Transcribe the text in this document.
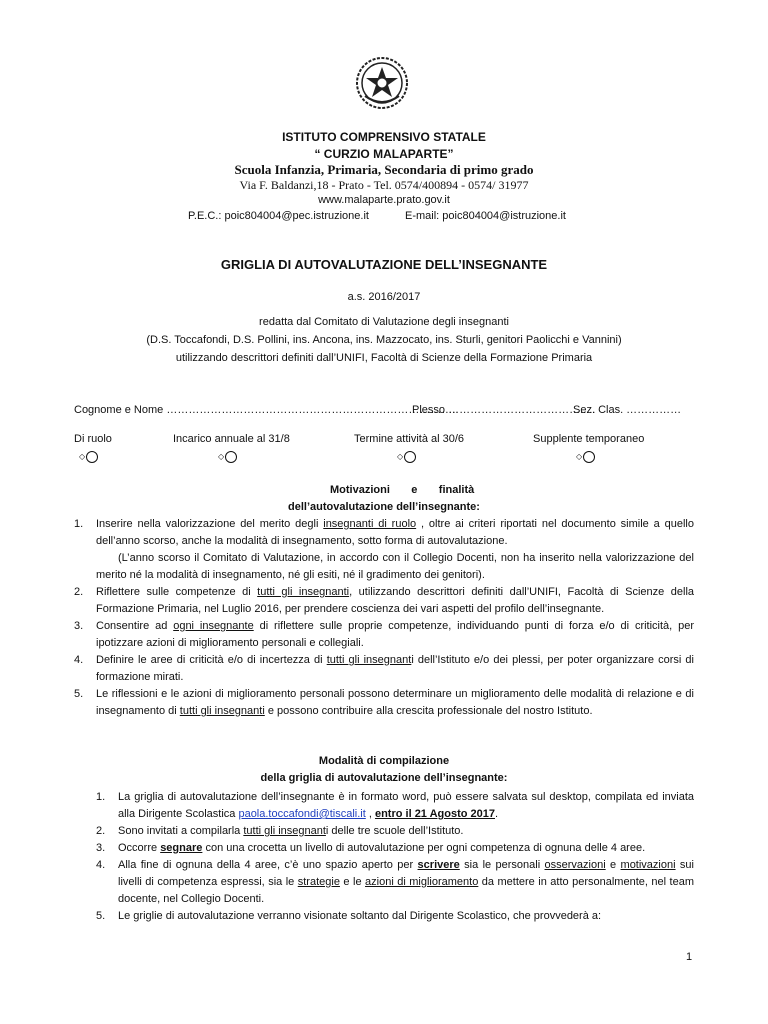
ISTITUTO COMPRENSIVO STATALE
“ CURZIO MALAPARTE”
Scuola Infanzia, Primaria, Secondaria di primo grado
Via F. Baldanzi,18 - Prato - Tel. 0574/400894 - 0574/ 31977
www.malaparte.prato.gov.it
P.E.C.: poic804004@pec.istruzione.it	E-mail: poic804004@istruzione.it
GRIGLIA DI AUTOVALUTAZIONE DELL’INSEGNANTE
a.s. 2016/2017
redatta dal Comitato di Valutazione degli insegnanti
(D.S. Toccafondi, D.S. Pollini, ins. Ancona, ins. Mazzocato, ins. Sturli, genitori Paolicchi e Vannini)
utilizzando descrittori definiti dall’UNIFI, Facoltà di Scienze della Formazione Primaria
Cognome e Nome ……………………………………………………………………..
Plesso ……………………………….....
Sez. Clas. ……………
Di ruolo	Incarico annuale al 31/8	Termine attività al 30/6	Supplente temporaneo
◇	◇	◇	◇
Motivazioni       e       finalità
dell’autovalutazione dell’insegnante:
1. Inserire nella valorizzazione del merito degli insegnanti di ruolo , oltre ai criteri riportati nel documento simile a quello dell’anno scorso, anche la modalità di insegnamento, sotto forma di autovalutazione.
(L’anno scorso il Comitato di Valutazione, in accordo con il Collegio Docenti, non ha inserito nella valorizzazione del merito né la modalità di insegnamento, né gli esiti, né il gradimento dei genitori).
2. Riflettere sulle competenze di tutti gli insegnanti, utilizzando descrittori definiti dall’UNIFI, Facoltà di Scienze della Formazione Primaria, nel Luglio 2016, per prendere coscienza dei vari aspetti del profilo dell’insegnante.
3. Consentire ad ogni insegnante di riflettere sulle proprie competenze, individuando punti di forza e/o di criticità, per ipotizzare azioni di miglioramento personali e collegiali.
4. Definire le aree di criticità e/o di incertezza di tutti gli insegnanti dell’Istituto e/o dei plessi, per poter organizzare corsi di formazione mirati.
5. Le riflessioni e le azioni di miglioramento personali possono determinare un miglioramento delle modalità di relazione e di insegnamento di tutti gli insegnanti e possono contribuire alla crescita professionale del nostro Istituto.
Modalità di compilazione
della griglia di autovalutazione dell’insegnante:
1. La griglia di autovalutazione dell’insegnante è in formato word, può essere salvata sul desktop, compilata ed inviata alla Dirigente Scolastica paola.toccafondi@tiscali.it , entro il 21 Agosto 2017.
2. Sono invitati a compilarla tutti gli insegnanti delle tre scuole dell’Istituto.
3. Occorre segnare con una crocetta un livello di autovalutazione per ogni competenza di ognuna delle 4 aree.
4. Alla fine di ognuna della 4 aree, c’è uno spazio aperto per scrivere sia le personali osservazioni e motivazioni sui livelli di competenza espressi, sia le strategie e le azioni di miglioramento da mettere in atto personalmente, nel team docente, nel Collegio Docenti.
5. Le griglie di autovalutazione verranno visionate soltanto dal Dirigente Scolastico, che provvederà a:
1
